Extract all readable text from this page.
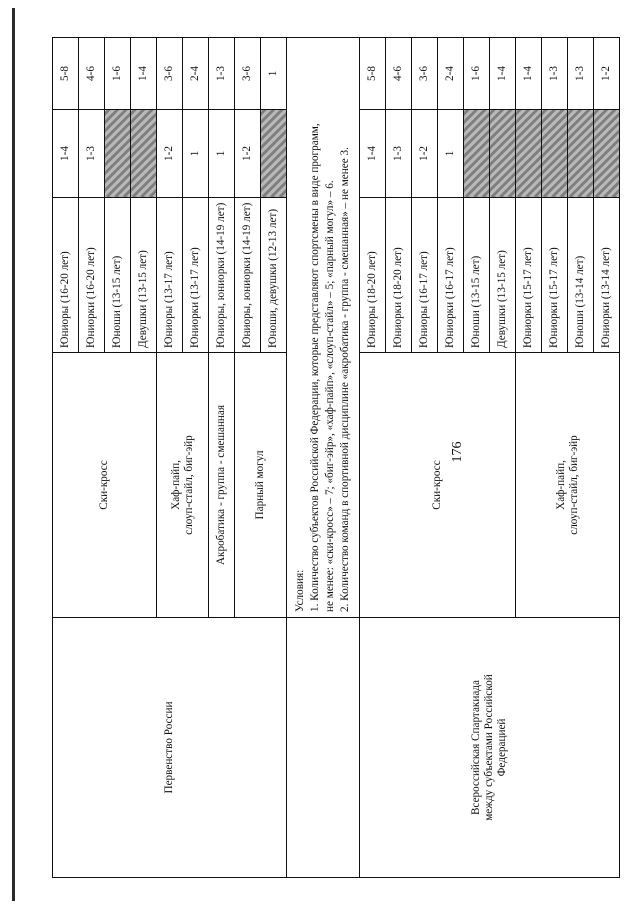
176
Первенство России	Ски-кросс	Юниоры (16-20 лет)	1-4	5-8
		Юниорки (16-20 лет)	1-3	4-6
		Юноши (13-15 лет)		1-6
		Девушки (13-15 лет)		1-4

	Хаф-пайп, слоуп-стайл, биг-эйр	Юниоры (13-17 лет)	1-2	3-6
		Юниорки (13-17 лет)	1	2-4
	Акробатика - группа - смешанная	Юниоры, юниорки (14-19 лет)	1	1-3
	Парный могул	Юниоры, юниорки (14-19 лет)	1-2	3-6
		Юноши, девушки (12-13 лет)		1

	Условия: 1. Количество субъектов Российской Федерации, которые представляют спортсмены в виде программ, не менее: «ски-кросс» – 7; «биг-эйр», «хаф-пайп», «слоуп-стайл» – 5; «парный могул» – 6. 2. Количество команд в спортивной дисциплине «акробатика - группа - смешанная» – не менее 3.			

Всероссийская Спартакиада между субъектами Российской Федерацией	Ски-кросс	Юниоры (18-20 лет)	1-4	5-8
		Юниорки (18-20 лет)	1-3	4-6
		Юниоры (16-17 лет)	1-2	3-6
		Юниорки (16-17 лет)	1	2-4
		Юноши (13-15 лет)		1-6
		Девушки (13-15 лет)		1-4

	Хаф-пайп, слоуп-стайл, биг-эйр	Юниорки (15-17 лет)		1-4
		Юниорки (15-17 лет)		1-3
		Юноши (13-14 лет)		1-3
		Юниорки (13-14 лет)		1-2
